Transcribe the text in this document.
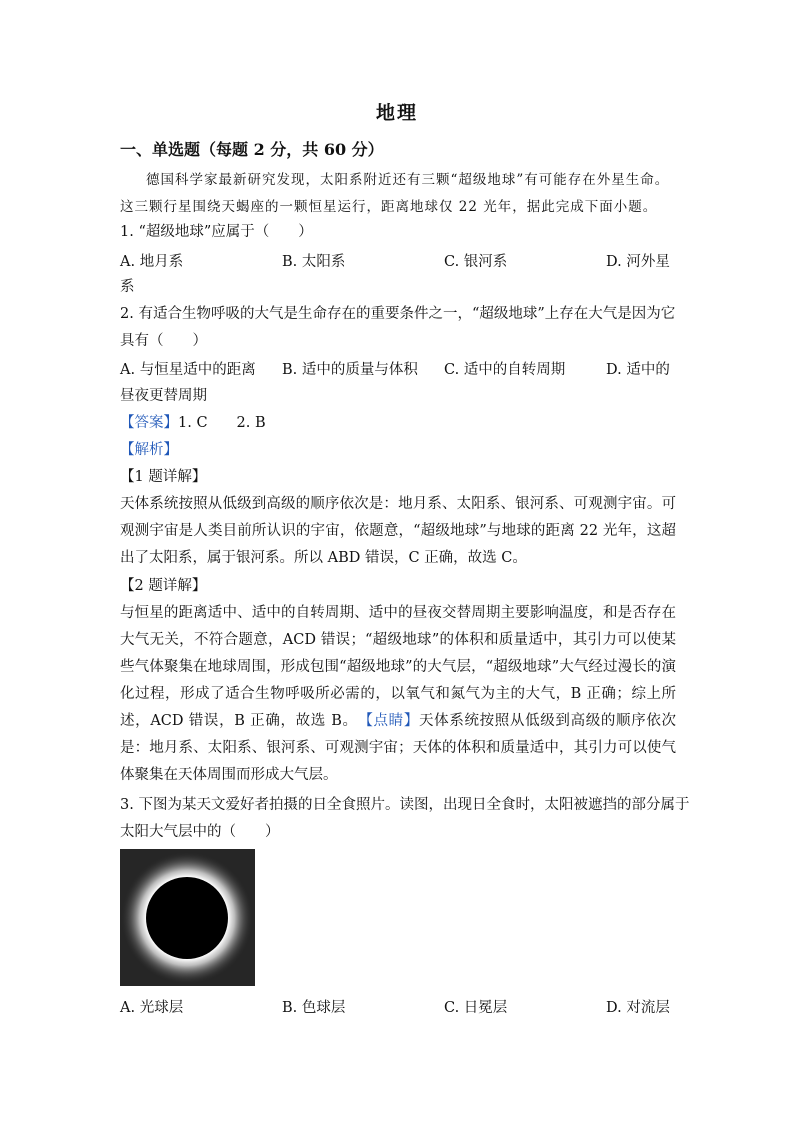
地理
一、单选题（每题 2 分，共 60 分）
德国科学家最新研究发现，太阳系附近还有三颗“超级地球”有可能存在外星生命。
这三颗行星围绕天蝎座的一颗恒星运行，距离地球仅 22 光年，据此完成下面小题。
1. “超级地球”应属于（　　）
A. 地月系	B. 太阳系	C. 银河系	D. 河外星
系
2. 有适合生物呼吸的大气是生命存在的重要条件之一，“超级地球”上存在大气是因为它
具有（　　）
A. 与恒星适中的距离 B. 适中的质量与体积 C. 适中的自转周期	D. 适中的
昼夜更替周期
【答案】1. C　　2. B
【解析】
【1 题详解】
天体系统按照从低级到高级的顺序依次是：地月系、太阳系、银河系、可观测宇宙。可观测宇宙是人类目前所认识的宇宙，依题意，“超级地球”与地球的距离 22 光年，这超出了太阳系，属于银河系。所以 ABD 错误，C 正确，故选 C。
【2 题详解】
与恒星的距离适中、适中的自转周期、适中的昼夜交替周期主要影响温度，和是否存在大气无关，不符合题意，ACD 错误；“超级地球”的体积和质量适中，其引力可以使某些气体聚集在地球周围，形成包围“超级地球”的大气层，“超级地球”大气经过漫长的演化过程，形成了适合生物呼吸所必需的，以氧气和氮气为主的大气，B 正确；综上所述，ACD 错误，B 正确，故选 B。　 【点睛】天体系统按照从低级到高级的顺序依次是：地月系、太阳系、银河系、可观测宇宙；天体的体积和质量适中，其引力可以使气体聚集在天体周围而形成大气层。
3. 下图为某天文爱好者拍摄的日全食照片。读图，出现日全食时，太阳被遮挡的部分属于
太阳大气层中的（　　）
A. 光球层	B. 色球层	C. 日冕层	D. 对流层
